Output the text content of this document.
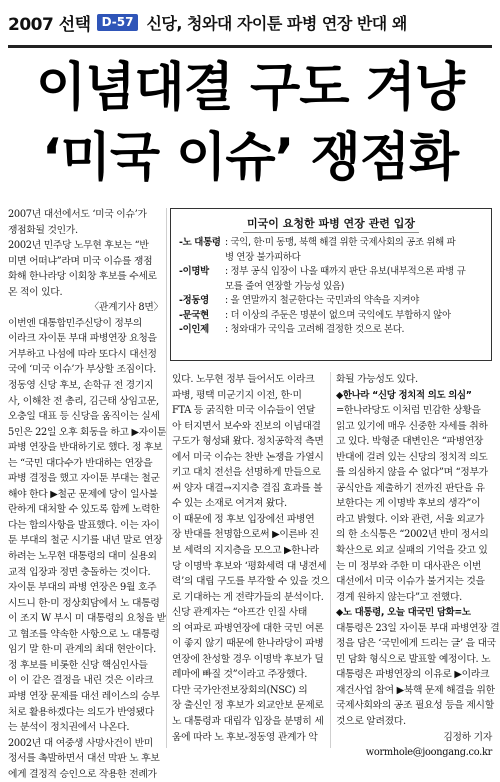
2007 선택 D-57 신당, 청와대 자이툰 파병 연장 반대 왜
이념대결 구도 겨냥
‘미국 이슈’ 쟁점화

2007년 대선에서도 ‘미국 이슈’가

쟁점화될 것인가.

2002년 민주당 노무현 후보는 “반

미면 어떠냐”라며 미국 이슈를 쟁점

화해 한나라당 이회창 후보를 수세로

몬 적이 있다.

〈관계기사 8면〉

이번엔 대통합민주신당이 정부의

이라크 자이툰 부대 파병연장 요청을

거부하고 나섬에 따라 또다시 대선정

국에 ‘미국 이슈’가 부상할 조짐이다.

정동영 신당 후보, 손학규 전 경기지

사, 이해찬 전 총리, 김근태 상임고문,

오충일 대표 등 신당을 움직이는 실세

5인은 22일 오후 회동을 하고 ▶자이툰

파병 연장을 반대하기로 했다. 정 후보

는 “국민 대다수가 반대하는 연장을

파병 결정을 했고 자이툰 부대는 철군

해야 한다 ▶철군 문제에 당이 일사불

란하게 대처할 수 있도록 함께 노력한

다는 합의사항을 발표했다. 이는 자이

툰 부대의 철군 시기를 내년 말로 연장

하려는 노무현 대통령의 대미 실용외

교적 입장과 정면 충돌하는 것이다.

자이툰 부대의 파병 연장은 9월 호주

시드니 한·미 정상회담에서 노 대통령

이 조지 W 부시 미 대통령의 요청을 받

고 협조를 약속한 사항으로 노 대통령

임기 말 한·미 관계의 최대 현안이다.

정 후보를 비롯한 신당 핵심인사들

이 이 같은 결정을 내린 것은 이라크

파병 연장 문제를 대선 레이스의 승부

처로 활용하겠다는 의도가 반영됐다

는 분석이 정치권에서 나온다.

2002년 대 여중생 사망사건이 반미

정서를 촉발하면서 대선 막판 노 후보

에게 결정적 승인으로 작용한 전례가

미국이 요청한 파병 연장 관련 입장
-노 대통령 : 국익, 한·미 동맹, 북핵 해결 위한 국제사회의 공조 위해 파
병 연장 불가피하다
-이명박	: 정부 공식 입장이 나올 때까지 판단 유보(내부적으론 파병 규
모를 줄여 연장할 가능성 있음)
-정동영	: 올 연말까지 철군한다는 국민과의 약속을 지켜야
-문국현	: 더 이상의 주둔은 명분이 없으며 국익에도 부합하지 않아
-이인제	: 청와대가 국익을 고려해 결정한 것으로 본다.

있다. 노무현 정부 들어서도 이라크

파병, 평택 미군기지 이전, 한·미

FTA 등 굵직한 미국 이슈들이 연달

아 터지면서 보수와 진보의 이념대결

구도가 형성돼 왔다. 정치공학적 측면

에서 미국 이슈는 찬반 논쟁을 가열시

키고 대치 전선을 선명하게 만들으로

써 양자 대결→지지층 결집 효과를 볼

수 있는 소재로 여겨져 왔다.

이 때문에 정 후보 입장에선 파병연

장 반대를 천명함으로써 ▶이른바 진

보 세력의 지지층을 모으고 ▶한나라

당 이명박 후보와 ‘평화세력 대 냉전세

력’의 대립 구도를 부각할 수 있을 것으

로 기대하는 게 전략가들의 분석이다.

신당 관계자는 “아프간 인질 사태

의 여파로 파병연장에 대한 국민 여론

이 좋지 않기 때문에 한나라당이 파병

연장에 찬성할 경우 이명박 후보가 딜

레마에 빠질 것”이라고 주장했다.

다만 국가안전보장회의(NSC) 의

장 출신인 정 후보가 외교안보 문제로

노 대통령과 대립각 입장을 분명히 세

움에 따라 노 후보-정동영 관계가 악

화될 가능성도 있다.

◆한나라 “신당 정치적 의도 의심”

=한나라당도 이처럼 민감한 상황을

읽고 있기에 매우 신중한 자세를 취하

고 있다. 박형준 대변인은 “파병연장

반대에 걸려 있는 신당의 정치적 의도

를 의심하지 않을 수 없다”며 “정부가

공식안을 제출하기 전까진 판단을 유

보한다는 게 이명박 후보의 생각”이

라고 밝혔다. 이와 관련, 서울 외교가

의 한 소식통은 “2002년 반미 정서의

확산으로 외교 실패의 기억을 갖고 있

는 미 정부와 주한 미 대사관은 이번

대선에서 미국 이슈가 불거지는 것을

경계 원하지 않는다”고 전했다.

◆노 대통령, 오늘 대국민 담화=노

대통령은 23일 자이툰 부대 파병연장 결

정을 담은 ‘국민에게 드리는 글’ 을 대국

민 담화 형식으로 발표할 예정이다. 노

대통령은 파병연장의 이유로 ▶이라크

재건사업 참여 ▶북핵 문제 해결을 위한

국제사회와의 공조 필요성 등을 제시할

것으로 알려졌다.

김정하 기자

wormhole@joongang.co.kr
